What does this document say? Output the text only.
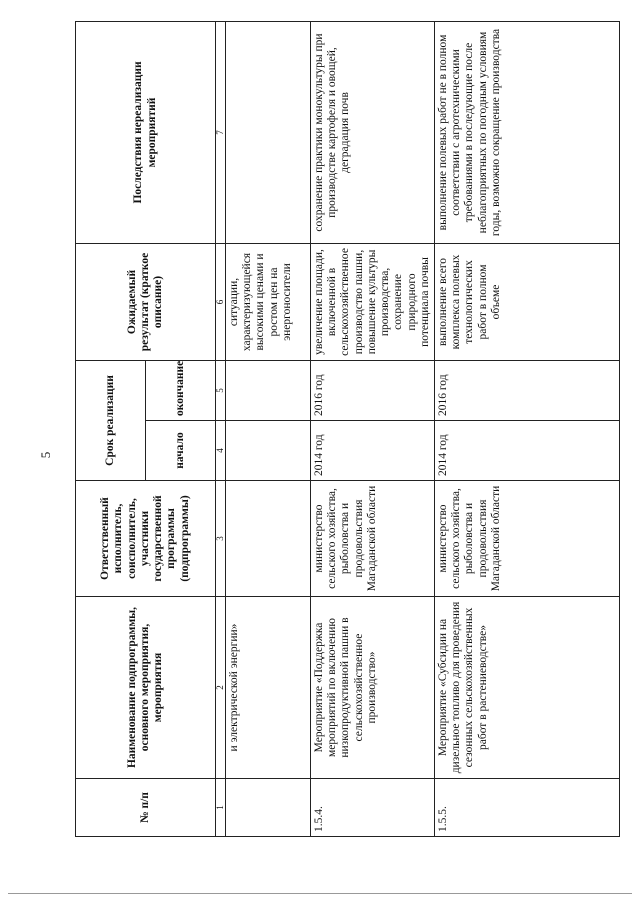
5
№ п/п	Наименование подпрограммы, основного мероприятия, мероприятия	Ответственный исполнитель, соисполнитель, участники государственной программы (подпрограммы)	Срок реализации		Ожидаемый результат (краткое описание)	Последствия нереализации мероприятий
			начало	окончание		
1	2	3	4	5	6	7
	и электрической энергии»				ситуации, характеризующейся высокими ценами и ростом цен на энергоносители	
1.5.4.	Мероприятие «Поддержка мероприятий по включению низкопродуктивной пашни в сельскохозяйственное производство»	министерство сельского хозяйства, рыболовства и продовольствия Магаданской области	2014 год	2016 год	увеличение площади, включенной в сельскохозяйственное производство пашни, повышение культуры производства, сохранение природного потенциала почвы	сохранение практики монокультуры при производстве картофеля и овощей, деградация почв
1.5.5.	Мероприятие «Субсидии на дизельное топливо для проведения сезонных сельскохозяйственных работ в растениеводстве»	министерство сельского хозяйства, рыболовства и продовольствия Магаданской области	2014 год	2016 год	выполнение всего комплекса полевых технологических работ в полном объеме	выполнение полевых работ не в полном соответствии с агротехническими требованиями в последующие после неблагоприятных по погодным условиям годы, возможно сокращение производства
